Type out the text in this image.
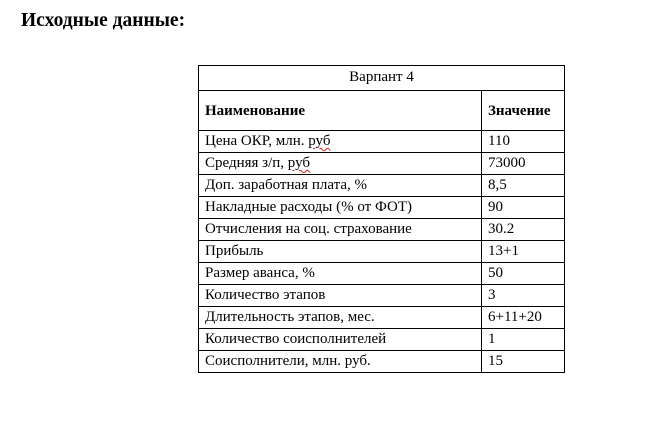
Исходные данные:
Варпант 4	
Наименование	Значение
Цена ОКР, млн. руб	110
Средняя з/п, руб	73000
Доп. заработная плата, %	8,5
Накладные расходы (% от ФОТ)	90
Отчисления на соц. страхование	30.2
Прибыль	13+1
Размер аванса, %	50
Количество этапов	3
Длительность этапов, мес.	6+11+20
Количество соисполнителей	1
Соисполнители, млн. руб.	15
